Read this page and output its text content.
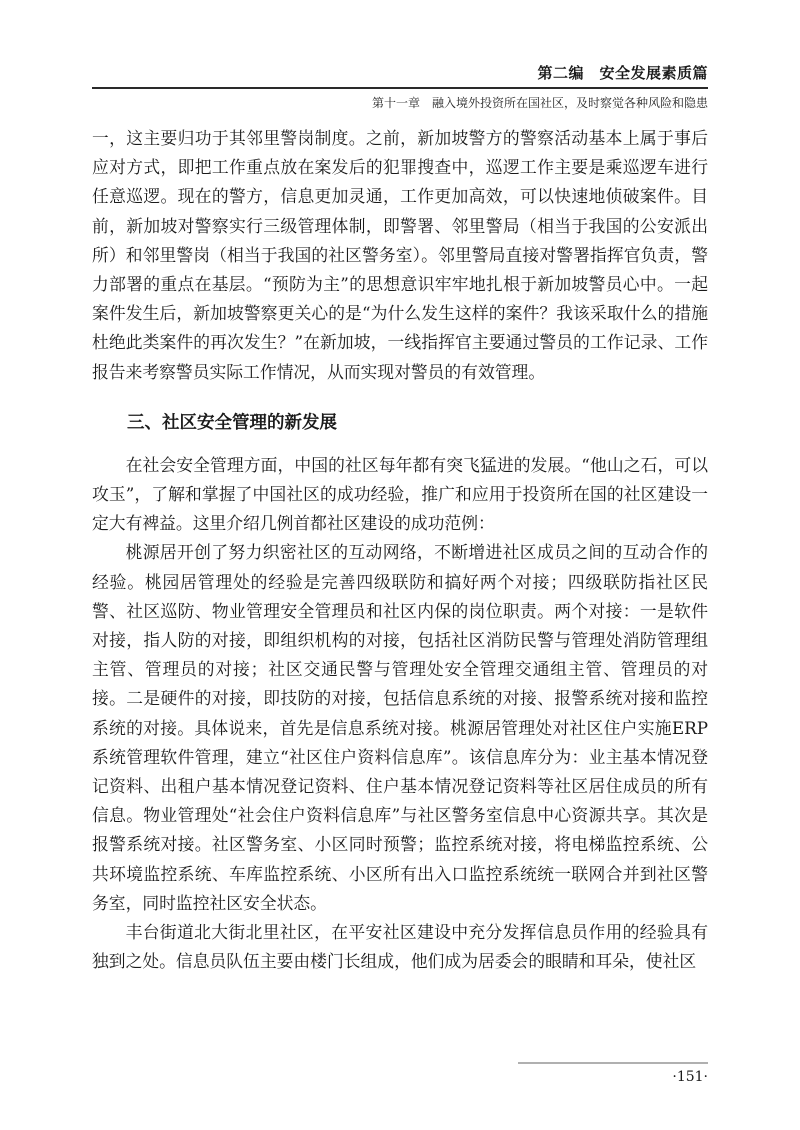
第二编　安全发展素质篇
第十一章　融入境外投资所在国社区，及时察觉各种风险和隐患

一，这主要归功于其邻里警岗制度。之前，新加坡警方的警察活动基本上属于事后应对方式，即把工作重点放在案发后的犯罪搜查中，巡逻工作主要是乘巡逻车进行任意巡逻。现在的警方，信息更加灵通，工作更加高效，可以快速地侦破案件。目前，新加坡对警察实行三级管理体制，即警署、邻里警局（相当于我国的公安派出所）和邻里警岗（相当于我国的社区警务室）。邻里警局直接对警署指挥官负责，警力部署的重点在基层。“预防为主”的思想意识牢牢地扎根于新加坡警员心中。一起案件发生后，新加坡警察更关心的是“为什么发生这样的案件？我该采取什么的措施杜绝此类案件的再次发生？”在新加坡，一线指挥官主要通过警员的工作记录、工作报告来考察警员实际工作情况，从而实现对警员的有效管理。

三、社区安全管理的新发展

在社会安全管理方面，中国的社区每年都有突飞猛进的发展。“他山之石，可以攻玉”，了解和掌握了中国社区的成功经验，推广和应用于投资所在国的社区建设一定大有裨益。这里介绍几例首都社区建设的成功范例：

桃源居开创了努力织密社区的互动网络，不断增进社区成员之间的互动合作的经验。桃园居管理处的经验是完善四级联防和搞好两个对接；四级联防指社区民警、社区巡防、物业管理安全管理员和社区内保的岗位职责。两个对接：一是软件对接，指人防的对接，即组织机构的对接，包括社区消防民警与管理处消防管理组主管、管理员的对接；社区交通民警与管理处安全管理交通组主管、管理员的对接。二是硬件的对接，即技防的对接，包括信息系统的对接、报警系统对接和监控系统的对接。具体说来，首先是信息系统对接。桃源居管理处对社区住户实施ERP系统管理软件管理，建立“社区住户资料信息库”。该信息库分为：业主基本情况登记资料、出租户基本情况登记资料、住户基本情况登记资料等社区居住成员的所有信息。物业管理处“社会住户资料信息库”与社区警务室信息中心资源共享。其次是报警系统对接。社区警务室、小区同时预警；监控系统对接，将电梯监控系统、公共环境监控系统、车库监控系统、小区所有出入口监控系统统一联网合并到社区警务室，同时监控社区安全状态。

丰台街道北大街北里社区，在平安社区建设中充分发挥信息员作用的经验具有独到之处。信息员队伍主要由楼门长组成，他们成为居委会的眼睛和耳朵，使社区

·151·
